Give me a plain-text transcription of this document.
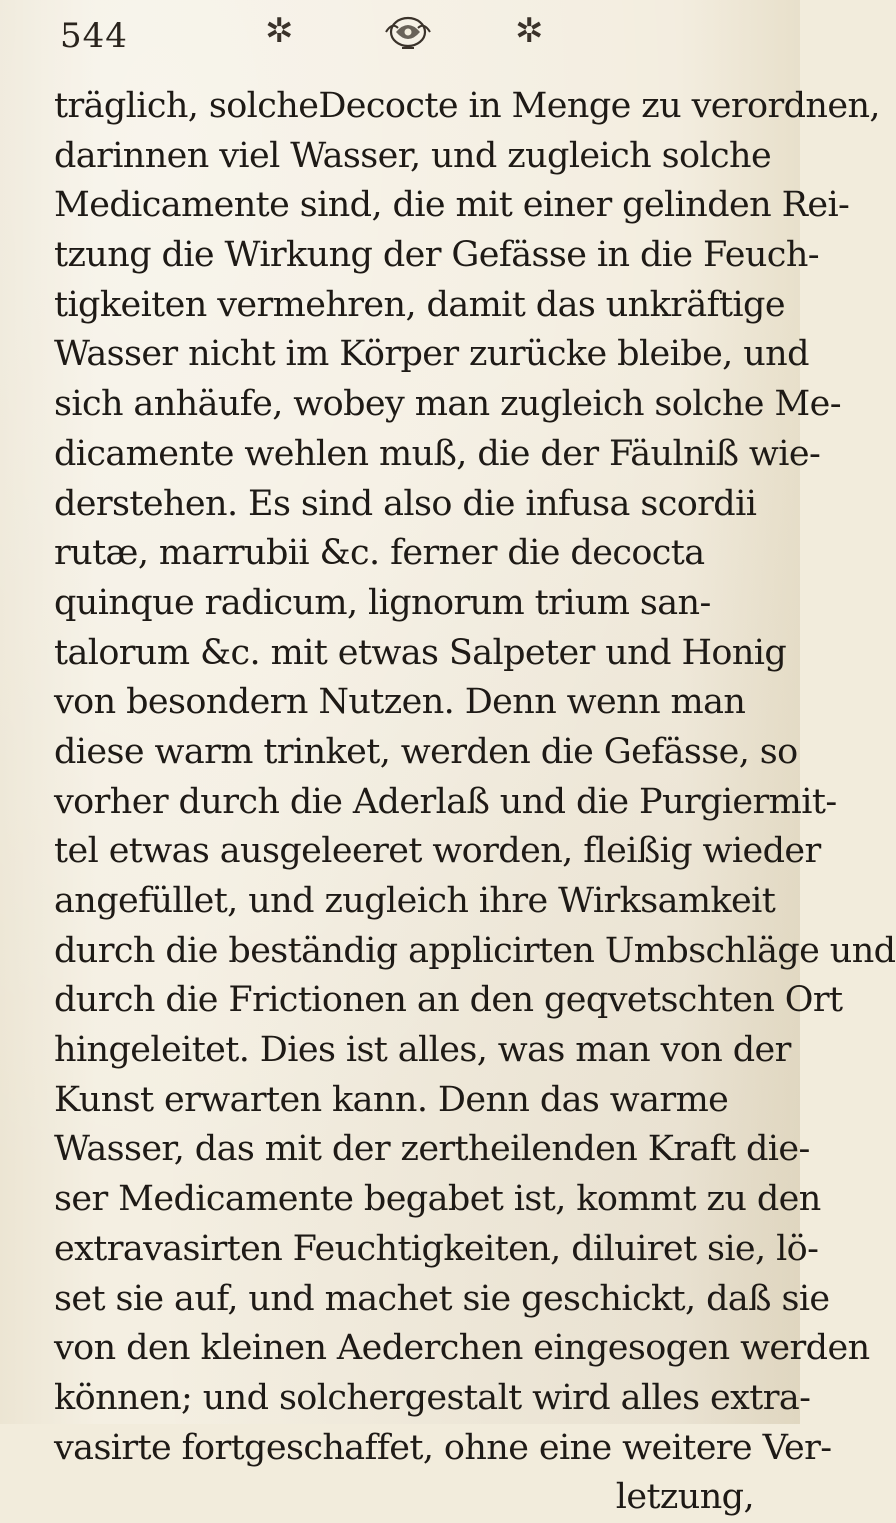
544	✲	✲
träglich, solcheDecocte in Menge zu verordnen,
darinnen viel Wasser, und zugleich solche
Medicamente sind, die mit einer gelinden Rei-
tzung die Wirkung der Gefässe in die Feuch-
tigkeiten vermehren, damit das unkräftige
Wasser nicht im Körper zurücke bleibe, und
sich anhäufe, wobey man zugleich solche Me-
dicamente wehlen muß, die der Fäulniß wie-
derstehen. Es sind also die infusa scordii
rutæ, marrubii &c. ferner die decocta
quinque radicum, lignorum trium san-
talorum &c. mit etwas Salpeter und Honig
von besondern Nutzen. Denn wenn man
diese warm trinket, werden die Gefässe, so
vorher durch die Aderlaß und die Purgiermit-
tel etwas ausgeleeret worden, fleißig wieder
angefüllet, und zugleich ihre Wirksamkeit
durch die beständig applicirten Umbschläge und
durch die Frictionen an den geqvetschten Ort
hingeleitet. Dies ist alles, was man von der
Kunst erwarten kann. Denn das warme
Wasser, das mit der zertheilenden Kraft die-
ser Medicamente begabet ist, kommt zu den
extravasirten Feuchtigkeiten, diluiret sie, lö-
set sie auf, und machet sie geschickt, daß sie
von den kleinen Aederchen eingesogen werden
können; und solchergestalt wird alles extra-
vasirte fortgeschaffet, ohne eine weitere Ver-
letzung,
